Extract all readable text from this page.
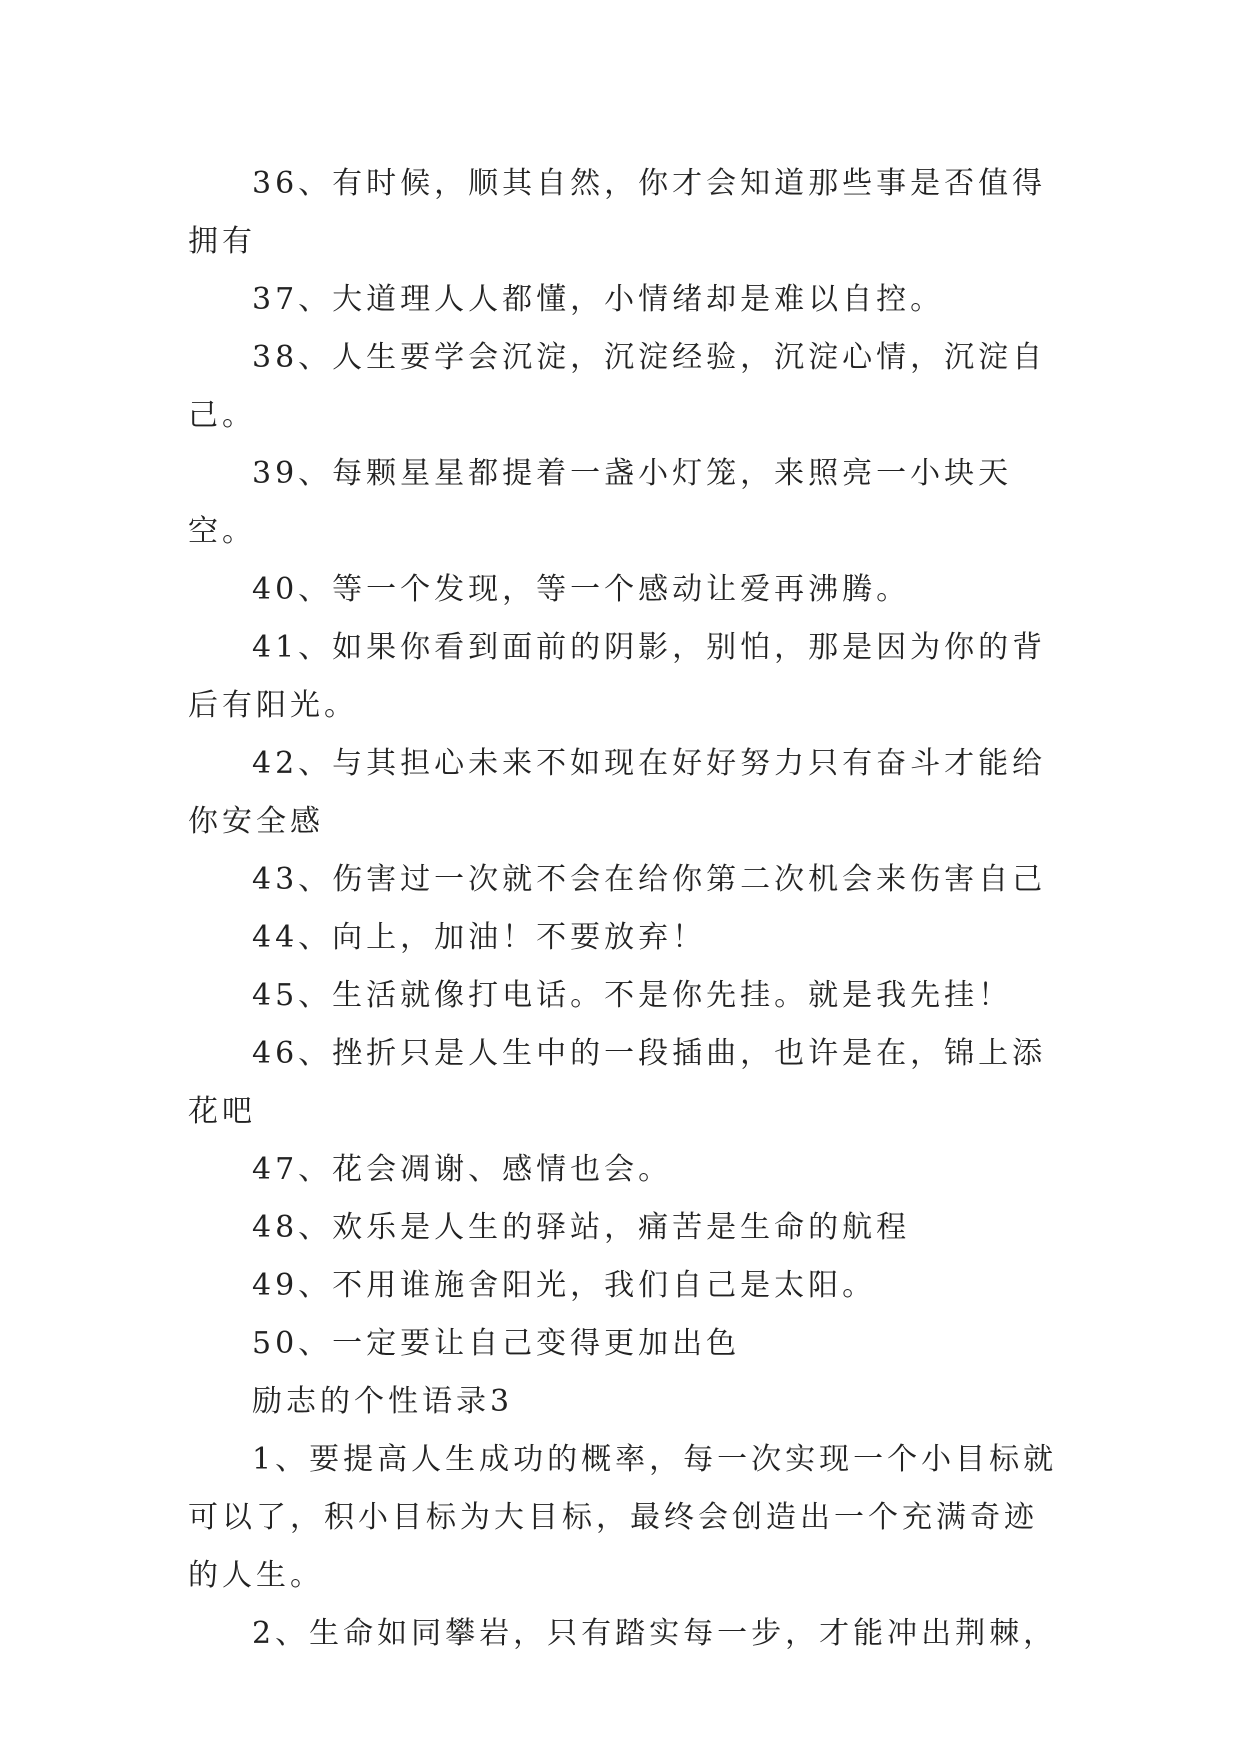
36、有时候，顺其自然，你才会知道那些事是否值得拥有

37、大道理人人都懂，小情绪却是难以自控。

38、人生要学会沉淀，沉淀经验，沉淀心情，沉淀自己。

39、每颗星星都提着一盏小灯笼，来照亮一小块天空。

40、等一个发现，等一个感动让爱再沸腾。

41、如果你看到面前的阴影，别怕，那是因为你的背后有阳光。

42、与其担心未来不如现在好好努力只有奋斗才能给你安全感

43、伤害过一次就不会在给你第二次机会来伤害自己

44、向上，加油！不要放弃！

45、生活就像打电话。不是你先挂。就是我先挂！

46、挫折只是人生中的一段插曲，也许是在，锦上添花吧

47、花会凋谢、感情也会。

48、欢乐是人生的驿站，痛苦是生命的航程

49、不用谁施舍阳光，我们自己是太阳。

50、一定要让自己变得更加出色

励志的个性语录3

1、要提高人生成功的概率，每一次实现一个小目标就可以了，积小目标为大目标，最终会创造出一个充满奇迹的人生。

2、生命如同攀岩，只有踏实每一步，才能冲出荆棘，
